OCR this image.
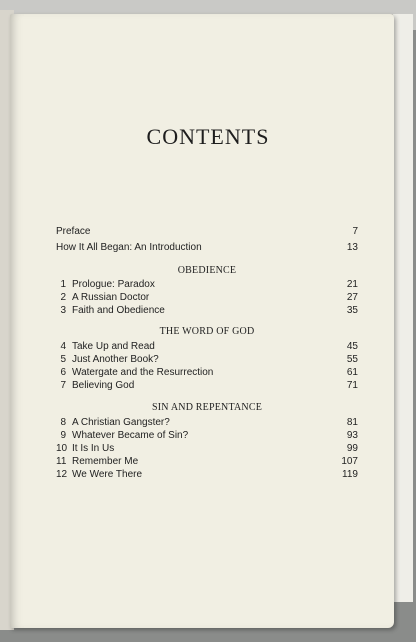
CONTENTS
Preface	7
How It All Began: An Introduction	13
OBEDIENCE
1 Prologue: Paradox	21
2 A Russian Doctor	27
3 Faith and Obedience	35
THE WORD OF GOD
4 Take Up and Read	45
5 Just Another Book?	55
6 Watergate and the Resurrection	61
7 Believing God	71
SIN AND REPENTANCE
8 A Christian Gangster?	81
9 Whatever Became of Sin?	93
10 It Is In Us	99
11 Remember Me	107
12 We Were There	119
